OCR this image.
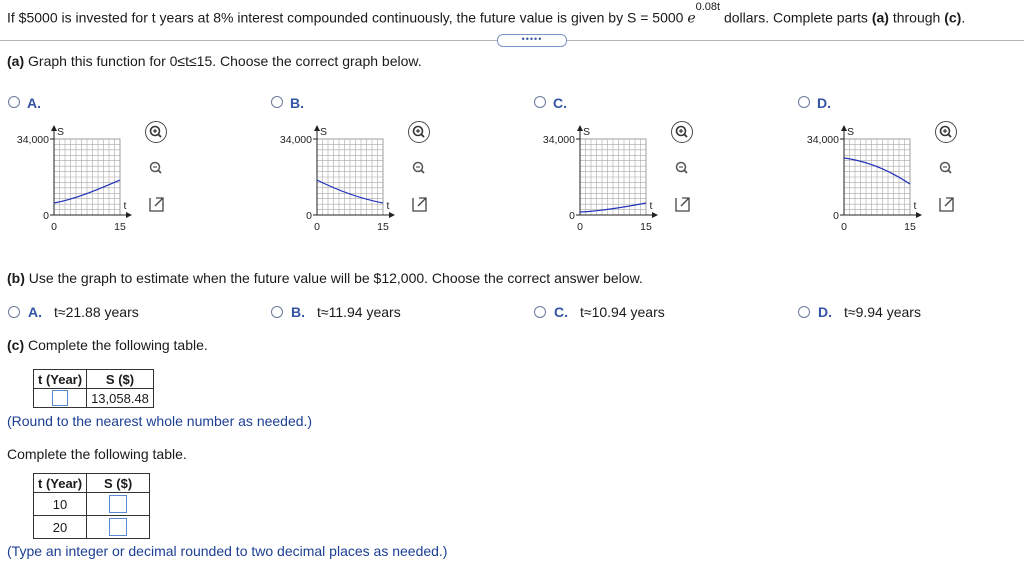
If $5000 is invested for t years at 8% interest compounded continuously, the future value is given by S = 5000 $e^{0.08t}$ dollars. Complete parts (a) through (c).
•••••
(a) Graph this function for 0≤t≤15. Choose the correct graph below.
A.
S
34,000
0
0	15
t
B.
S
34,000
0
0	15
t
C.
S
34,000
0
0	15
t
D.
S
34,000
0
0	15
t
(b) Use the graph to estimate when the future value will be $12,000. Choose the correct answer below.
A. t≈21.88 years	B. t≈11.94 years	C. t≈10.94 years	D. t≈9.94 years
(c) Complete the following table.
t (Year)	S ($)
	13,058.48
(Round to the nearest whole number as needed.)
Complete the following table.
t (Year)	S ($)
10	
20	
(Type an integer or decimal rounded to two decimal places as needed.)
